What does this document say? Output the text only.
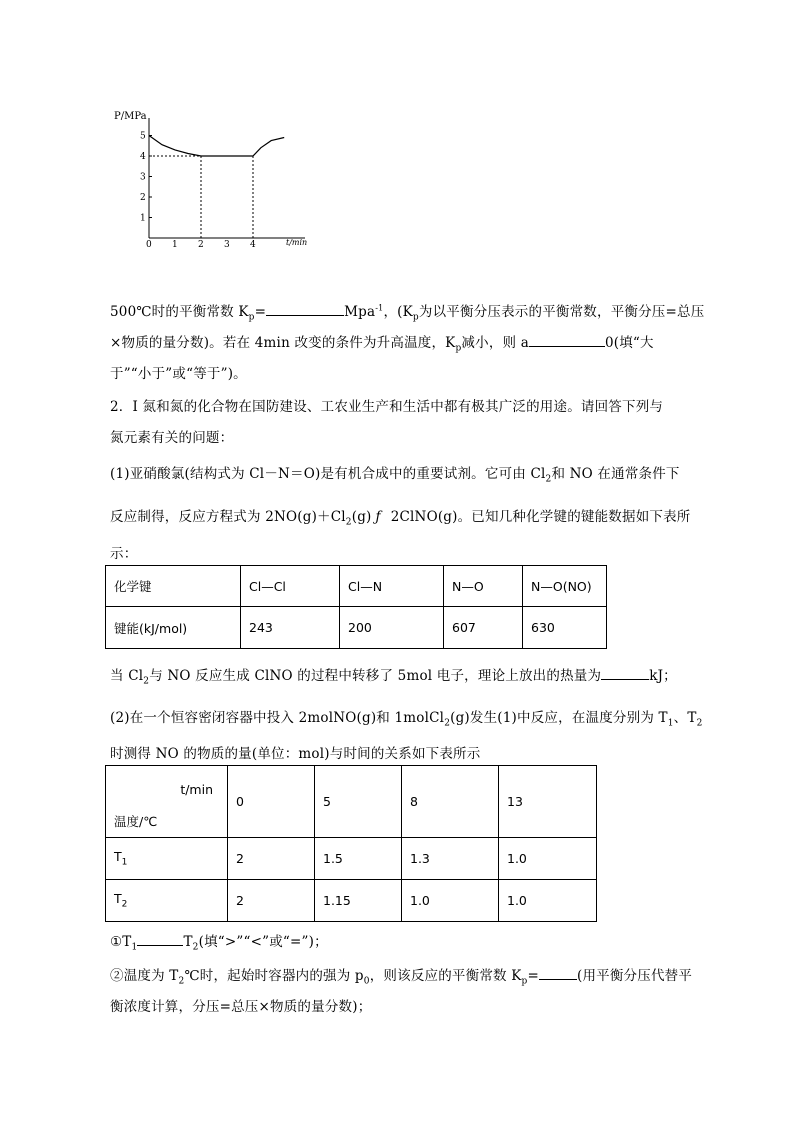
P/MPa
0 1 2 3 4
1
2
3
4
5
t/min
500℃时的平衡常数 $K_p=$	Mpa$^{-1}$，($K_p$为以平衡分压表示的平衡常数，平衡分压=总压
×物质的量分数)。若在 4min 改变的条件为升高温度，$K_p$减小，则 a	0(填“大
于”“小于”或“等于”)。
2．I 氮和氮的化合物在国防建设、工农业生产和生活中都有极其广泛的用途。请回答下列与
氮元素有关的问题：
(1)亚硝酸氯(结构式为 Cl－N＝O)是有机合成中的重要试剂。它可由 $Cl_2$和 NO 在通常条件下
反应制得，反应方程式为 $2NO(g)+Cl_2(g)$ ƒ 2ClNO(g)。已知几种化学键的键能数据如下表所
示：
化学键	Cl—Cl	Cl—N	N—O	N—O(NO)
键能(kJ/mol)	243	200	607	630
当 $Cl_2$与 NO 反应生成 ClNO 的过程中转移了 5mol 电子，理论上放出的热量为	kJ；
(2)在一个恒容密闭容器中投入 2molNO(g)和 1molCl$_2$(g)发生(1)中反应，在温度分别为 $T_1$、$T_2$
时测得 NO 的物质的量(单位：mol)与时间的关系如下表所示
t/min
温度/℃	0	5	8	13
$T_1$	2	1.5	1.3	1.0
$T_2$	2	1.15	1.0	1.0
$①T_1$	$T_2$(填“>”“<”或“=”)；
②温度为 $T_2℃$时，起始时容器内的强为 $p_0$，则该反应的平衡常数 $K_p=$	(用平衡分压代替平
衡浓度计算，分压=总压×物质的量分数)；
